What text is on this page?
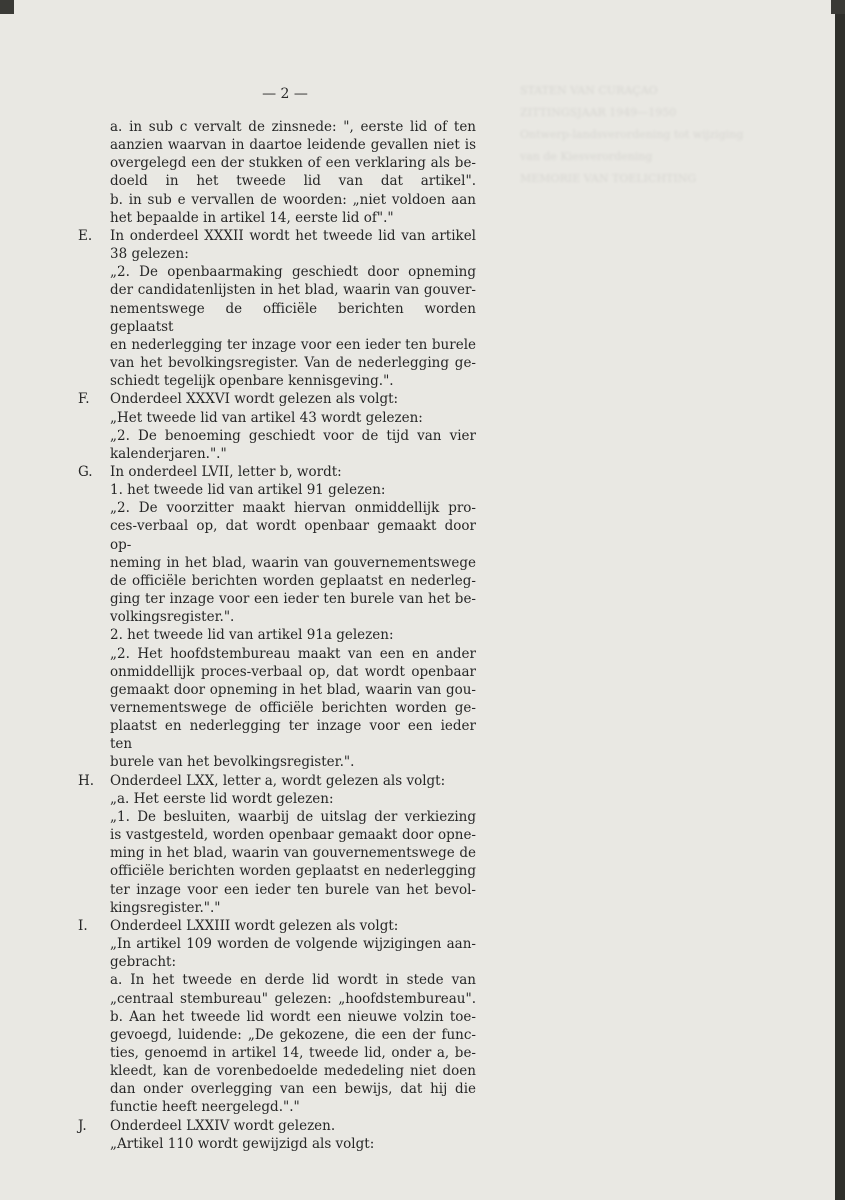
STATEN VAN CURAÇAO
ZITTINGSJAAR 1949—1950
Ontwerp-landsverordening tot wijziging
van de Kiesverordening
MEMORIE VAN TOELICHTING
— 2 —
a. in sub c vervalt de zinsnede: ", eerste lid of ten
aanzien waarvan in daartoe leidende gevallen niet is
overgelegd een der stukken of een verklaring als be-
doeld in het tweede lid van dat artikel".
b. in sub e vervallen de woorden: „niet voldoen aan
het bepaalde in artikel 14, eerste lid of"."
In onderdeel XXXII wordt het tweede lid van artikel
E.
38 gelezen:
„2. De openbaarmaking geschiedt door opneming
der candidatenlijsten in het blad, waarin van gouver-
nementswege de officiële berichten worden geplaatst
en nederlegging ter inzage voor een ieder ten burele
van het bevolkingsregister. Van de nederlegging ge-
schiedt tegelijk openbare kennisgeving.".
Onderdeel XXXVI wordt gelezen als volgt:
F.
„Het tweede lid van artikel 43 wordt gelezen:
„2. De benoeming geschiedt voor de tijd van vier
kalenderjaren."."
In onderdeel LVII, letter b, wordt:
G.
1. het tweede lid van artikel 91 gelezen:
„2. De voorzitter maakt hiervan onmiddellijk pro-
ces-verbaal op, dat wordt openbaar gemaakt door op-
neming in het blad, waarin van gouvernementswege
de officiële berichten worden geplaatst en nederleg-
ging ter inzage voor een ieder ten burele van het be-
volkingsregister.".
2. het tweede lid van artikel 91a gelezen:
„2. Het hoofdstembureau maakt van een en ander
onmiddellijk proces-verbaal op, dat wordt openbaar
gemaakt door opneming in het blad, waarin van gou-
vernementswege de officiële berichten worden ge-
plaatst en nederlegging ter inzage voor een ieder ten
burele van het bevolkingsregister.".
Onderdeel LXX, letter a, wordt gelezen als volgt:
H.
„a. Het eerste lid wordt gelezen:
„1. De besluiten, waarbij de uitslag der verkiezing
is vastgesteld, worden openbaar gemaakt door opne-
ming in het blad, waarin van gouvernementswege de
officiële berichten worden geplaatst en nederlegging
ter inzage voor een ieder ten burele van het bevol-
kingsregister."."
Onderdeel LXXIII wordt gelezen als volgt:
I.
„In artikel 109 worden de volgende wijzigingen aan-
gebracht:
a. In het tweede en derde lid wordt in stede van
„centraal stembureau" gelezen: „hoofdstembureau".
b. Aan het tweede lid wordt een nieuwe volzin toe-
gevoegd, luidende: „De gekozene, die een der func-
ties, genoemd in artikel 14, tweede lid, onder a, be-
kleedt, kan de vorenbedoelde mededeling niet doen
dan onder overlegging van een bewijs, dat hij die
functie heeft neergelegd."."
Onderdeel LXXIV wordt gelezen.
J.
„Artikel 110 wordt gewijzigd als volgt:
